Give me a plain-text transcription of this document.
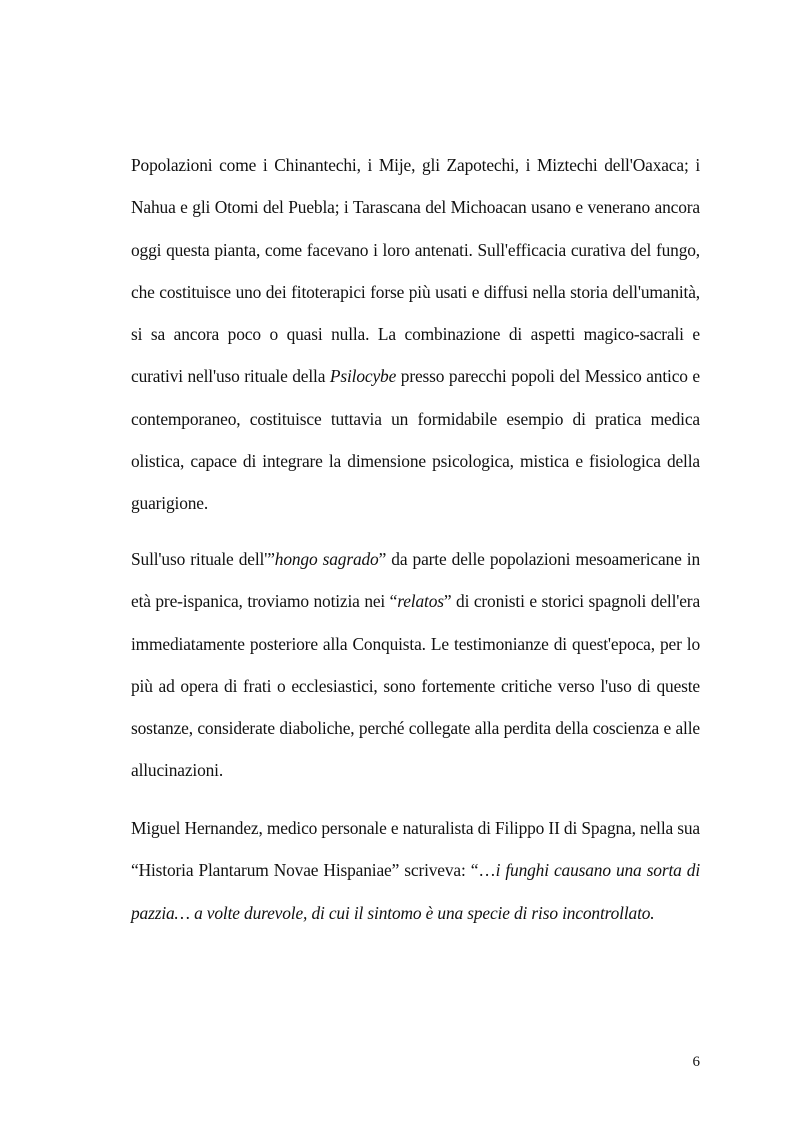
Popolazioni come i Chinantechi, i Mije, gli Zapotechi, i Miztechi dell'Oaxaca; i Nahua e gli Otomi del Puebla; i Tarascana del Michoacan usano e venerano ancora oggi questa pianta, come facevano i loro antenati. Sull'efficacia curativa del fungo, che costituisce uno dei fitoterapici forse più usati e diffusi nella storia dell'umanità, si sa ancora poco o quasi nulla. La combinazione di aspetti magico-sacrali e curativi nell'uso rituale della Psilocybe presso parecchi popoli del Messico antico e contemporaneo, costituisce tuttavia un formidabile esempio di pratica medica olistica, capace di integrare la dimensione psicologica, mistica e fisiologica della guarigione.

Sull'uso rituale dell'”hongo sagrado” da parte delle popolazioni mesoamericane in età pre-ispanica, troviamo notizia nei “relatos” di cronisti e storici spagnoli dell'era immediatamente posteriore alla Conquista. Le testimonianze di quest'epoca, per lo più ad opera di frati o ecclesiastici, sono fortemente critiche verso l'uso di queste sostanze, considerate diaboliche, perché collegate alla perdita della coscienza e alle allucinazioni.

Miguel Hernandez, medico personale e naturalista di Filippo II di Spagna, nella sua “Historia Plantarum Novae Hispaniae” scriveva: “…i funghi causano una sorta di pazzia… a volte durevole, di cui il sintomo è una specie di riso incontrollato.

6
